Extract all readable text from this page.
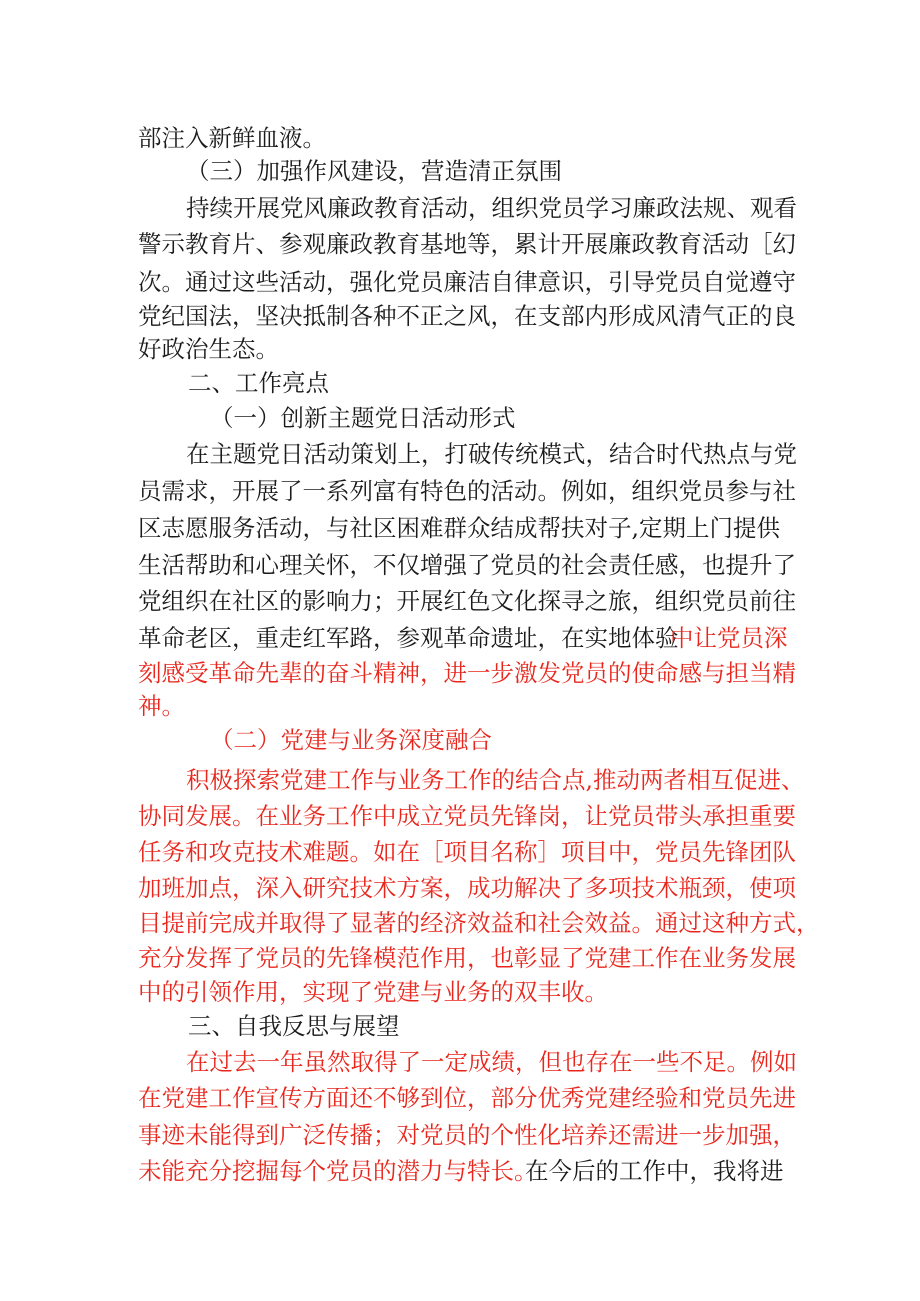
部注入新鲜血液。
（三）加强作风建设，营造清正氛围
持续开展党风廉政教育活动，组织党员学习廉政法规、观看
警示教育片、参观廉政教育基地等，累计开展廉政教育活动［幻
次。通过这些活动，强化党员廉洁自律意识，引导党员自觉遵守
党纪国法，坚决抵制各种不正之风，在支部内形成风清气正的良
好政治生态。
二、工作亮点
（一）创新主题党日活动形式
在主题党日活动策划上，打破传统模式，结合时代热点与党
员需求，开展了一系列富有特色的活动。例如，组织党员参与社
区志愿服务活动，与社区困难群众结成帮扶对子,定期上门提供
生活帮助和心理关怀，不仅增强了党员的社会责任感，也提升了
党组织在社区的影响力；开展红色文化探寻之旅，组织党员前往
革命老区，重走红军路，参观革命遗址，在实地体验
中让党员深
刻感受革命先辈的奋斗精神，进一步激发党员的使命感与担当精
神。
（二）党建与业务深度融合
积极探索党建工作与业务工作的结合点,推动两者相互促进、
协同发展。在业务工作中成立党员先锋岗，让党员带头承担重要
任务和攻克技术难题。如在［项目名称］项目中，党员先锋团队
加班加点，深入研究技术方案，成功解决了多项技术瓶颈，使项
目提前完成并取得了显著的经济效益和社会效益。通过这种方式，
充分发挥了党员的先锋模范作用，也彰显了党建工作在业务发展
中的引领作用，实现了党建与业务的双丰收。
三、自我反思与展望
在过去一年虽然取得了一定成绩，但也存在一些不足。例如
在党建工作宣传方面还不够到位，部分优秀党建经验和党员先进
事迹未能得到广泛传播；对党员的个性化培养还需进一步加强，
未能充分挖掘每个党员的潜力与特长。
在今后的工作中，我将进
